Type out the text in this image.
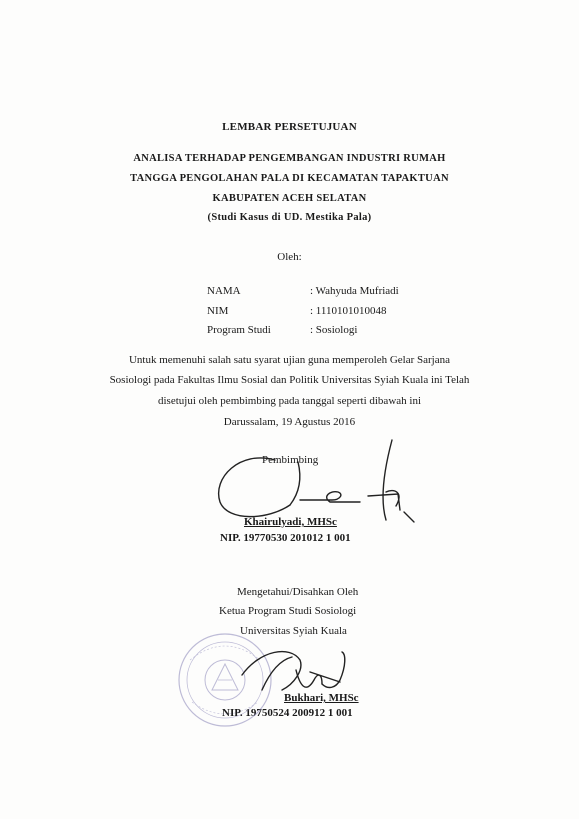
LEMBAR PERSETUJUAN
ANALISA TERHADAP PENGEMBANGAN INDUSTRI RUMAH
TANGGA PENGOLAHAN PALA DI KECAMATAN TAPAKTUAN
KABUPATEN ACEH SELATAN
(Studi Kasus di UD. Mestika Pala)
Oleh:
NAMA	: Wahyuda Mufriadi
NIM	: 1110101010048
Program Studi	: Sosiologi
Untuk memenuhi salah satu syarat ujian guna memperoleh Gelar Sarjana
Sosiologi pada Fakultas Ilmu Sosial dan Politik Universitas Syiah Kuala ini Telah
disetujui oleh pembimbing pada tanggal seperti dibawah ini
Darussalam, 19 Agustus 2016
Pembimbing
Khairulyadi, MHSc
NIP. 19770530 201012 1 001
Mengetahui/Disahkan Oleh
Ketua Program Studi Sosiologi
Universitas Syiah Kuala
Bukhari, MHSc
NIP. 19750524 200912 1 001
